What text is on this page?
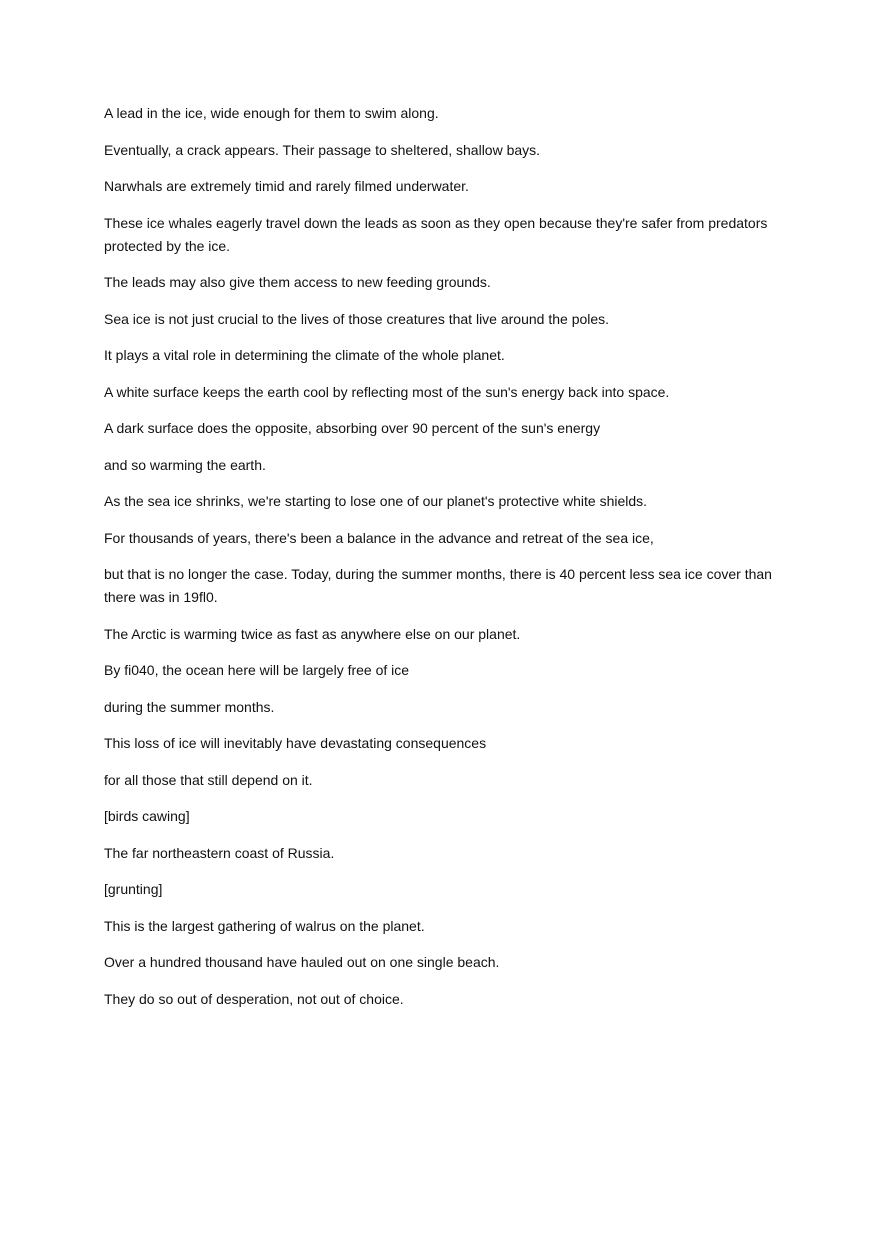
A lead in the ice, wide enough for them to swim along.

Eventually, a crack appears. Their passage to sheltered, shallow bays.

Narwhals are extremely timid and rarely filmed underwater.

These ice whales eagerly travel down the leads as soon as they open because they're safer from predators protected by the ice.

The leads may also give them access to new feeding grounds.

Sea ice is not just crucial to the lives of those creatures that live around the poles.

It plays a vital role in determining the climate of the whole planet.

A white surface keeps the earth cool by reflecting most of the sun's energy back into space.

A dark surface does the opposite, absorbing over 90 percent of the sun's energy

and so warming the earth.

As the sea ice shrinks, we're starting to lose one of our planet's protective white shields.

For thousands of years, there's been a balance in the advance and retreat of the sea ice,

but that is no longer the case. Today, during the summer months, there is 40 percent less sea ice cover than there was in 19fl0.

The Arctic is warming twice as fast as anywhere else on our planet.

By fi040, the ocean here will be largely free of ice

during the summer months.

This loss of ice will inevitably have devastating consequences

for all those that still depend on it.

[birds cawing]

The far northeastern coast of Russia.

[grunting]

This is the largest gathering of walrus on the planet.

Over a hundred thousand have hauled out on one single beach.

They do so out of desperation, not out of choice.
